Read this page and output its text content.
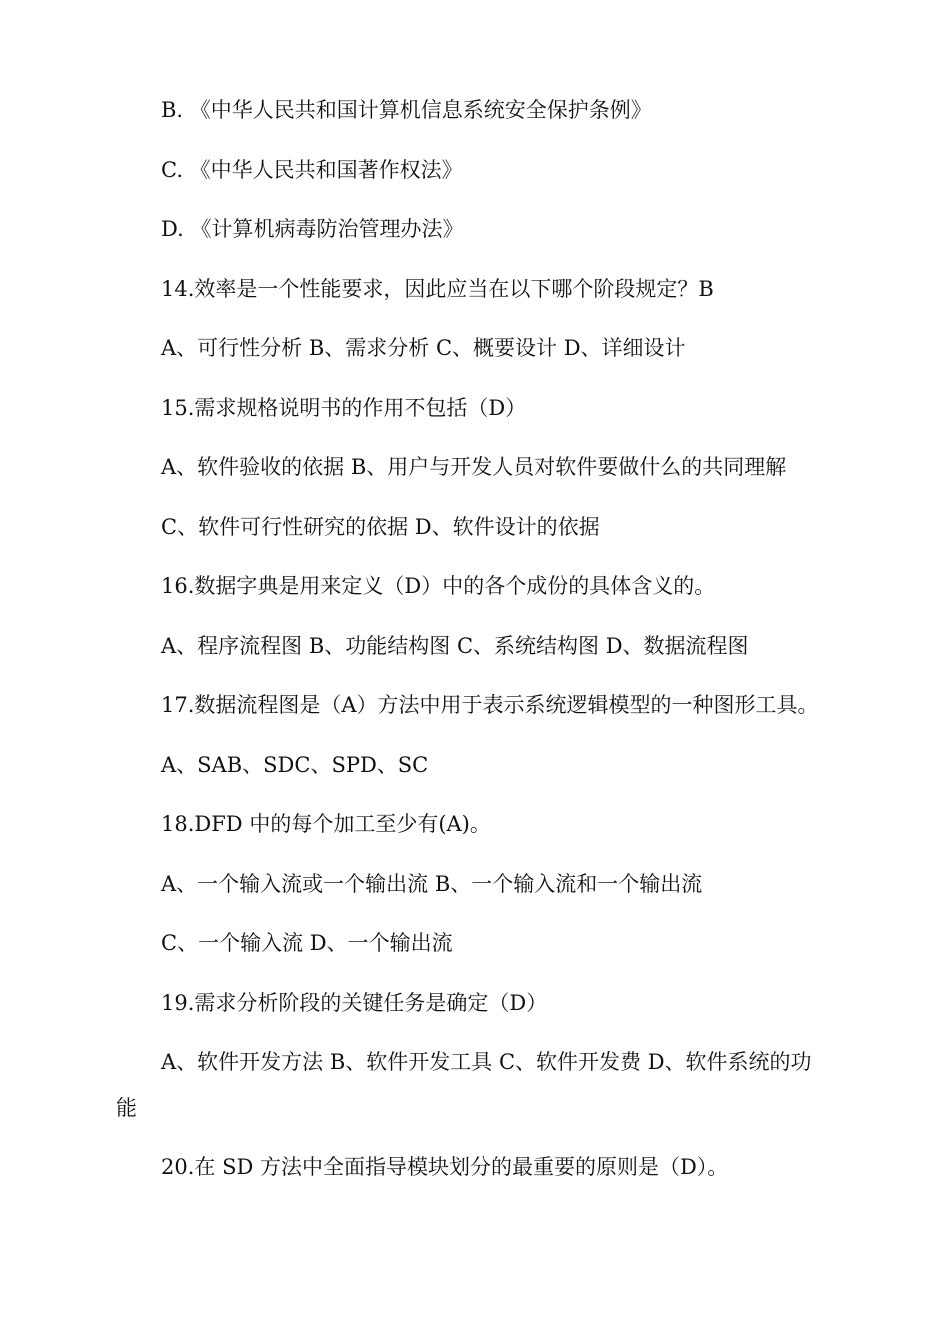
B. 《中华人民共和国计算机信息系统安全保护条例》
C. 《中华人民共和国著作权法》
D. 《计算机病毒防治管理办法》
14.效率是一个性能要求，因此应当在以下哪个阶段规定？B
A、可行性分析 B、需求分析 C、概要设计 D、详细设计
15.需求规格说明书的作用不包括（D）
A、软件验收的依据 B、用户与开发人员对软件要做什么的共同理解
C、软件可行性研究的依据 D、软件设计的依据
16.数据字典是用来定义（D）中的各个成份的具体含义的。
A、程序流程图 B、功能结构图 C、系统结构图 D、数据流程图
17.数据流程图是（A）方法中用于表示系统逻辑模型的一种图形工具。
A、SAB、SDC、SPD、SC
18.DFD 中的每个加工至少有(A)。
A、一个输入流或一个输出流 B、一个输入流和一个输出流
C、一个输入流 D、一个输出流
19.需求分析阶段的关键任务是确定（D）
A、软件开发方法 B、软件开发工具 C、软件开发费 D、软件系统的功
能
20.在 SD 方法中全面指导模块划分的最重要的原则是（D）。
